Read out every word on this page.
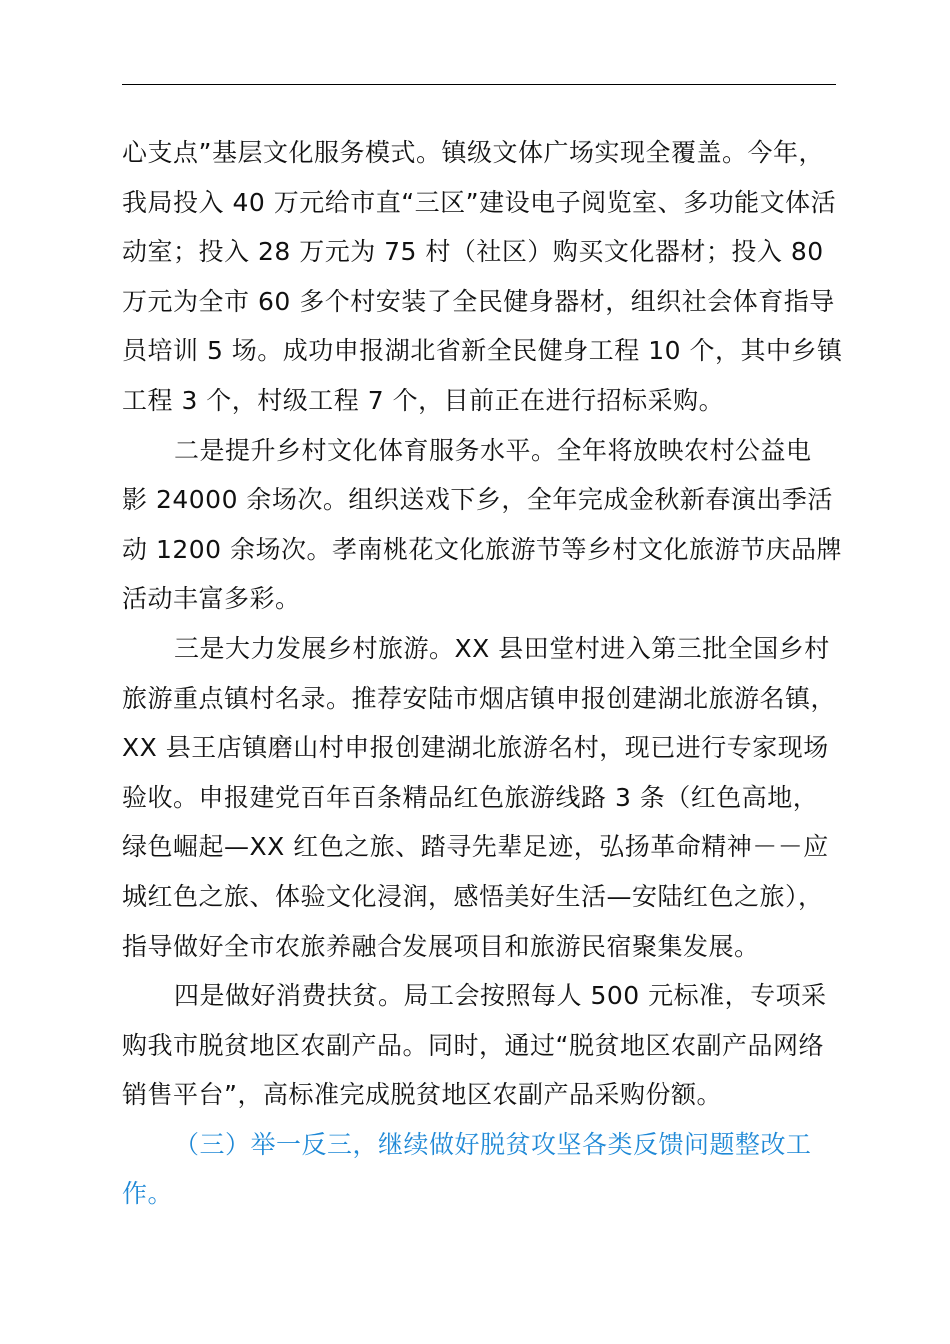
心支点”基层文化服务模式。镇级文体广场实现全覆盖。今年，
我局投入 40 万元给市直“三区”建设电子阅览室、多功能文体活
动室；投入 28 万元为 75 村（社区）购买文化器材；投入 80
万元为全市 60 多个村安装了全民健身器材，组织社会体育指导
员培训 5 场。成功申报湖北省新全民健身工程 10 个，其中乡镇
工程 3 个，村级工程 7 个，目前正在进行招标采购。
二是提升乡村文化体育服务水平。全年将放映农村公益电
影 24000 余场次。组织送戏下乡，全年完成金秋新春演出季活
动 1200 余场次。孝南桃花文化旅游节等乡村文化旅游节庆品牌
活动丰富多彩。
三是大力发展乡村旅游。XX 县田堂村进入第三批全国乡村
旅游重点镇村名录。推荐安陆市烟店镇申报创建湖北旅游名镇，
XX 县王店镇磨山村申报创建湖北旅游名村，现已进行专家现场
验收。申报建党百年百条精品红色旅游线路 3 条（红色高地，
绿色崛起—XX 红色之旅、踏寻先辈足迹，弘扬革命精神－－应
城红色之旅、体验文化浸润，感悟美好生活—安陆红色之旅），
指导做好全市农旅养融合发展项目和旅游民宿聚集发展。
四是做好消费扶贫。局工会按照每人 500 元标准，专项采
购我市脱贫地区农副产品。同时，通过“脱贫地区农副产品网络
销售平台”，高标准完成脱贫地区农副产品采购份额。
（三）举一反三，继续做好脱贫攻坚各类反馈问题整改工
作。
